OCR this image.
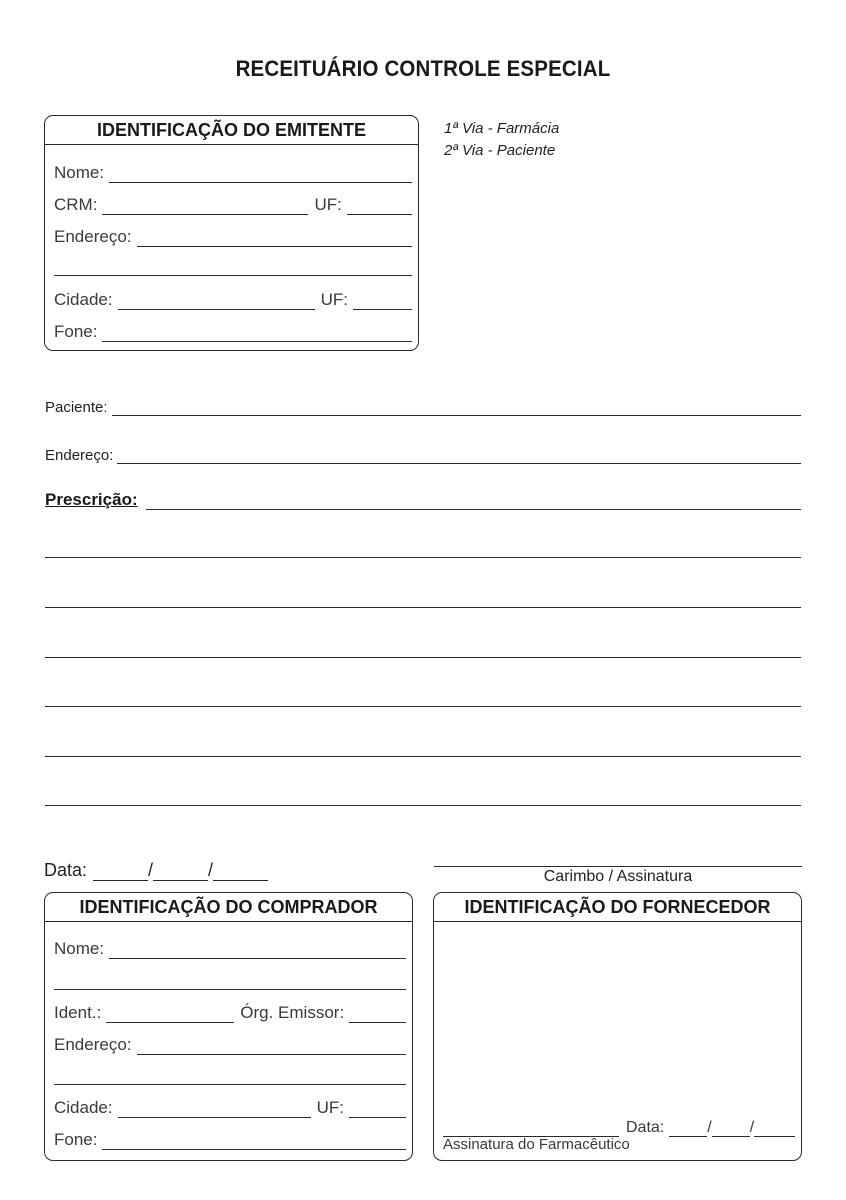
RECEITUÁRIO CONTROLE ESPECIAL
IDENTIFICAÇÃO DO EMITENTE
Nome:
CRM:	UF:
Endereço:
Cidade:	UF:
Fone:
1ª Via - Farmácia
2ª Via - Paciente
Paciente:
Endereço:
Prescrição:
Data:	/	/	Carimbo / Assinatura
IDENTIFICAÇÃO DO COMPRADOR
Nome:
Ident.:	Órg. Emissor:
Endereço:
Cidade:	UF:
Fone:
IDENTIFICAÇÃO DO FORNECEDOR
Data:	/ /
Assinatura do Farmacêutico
